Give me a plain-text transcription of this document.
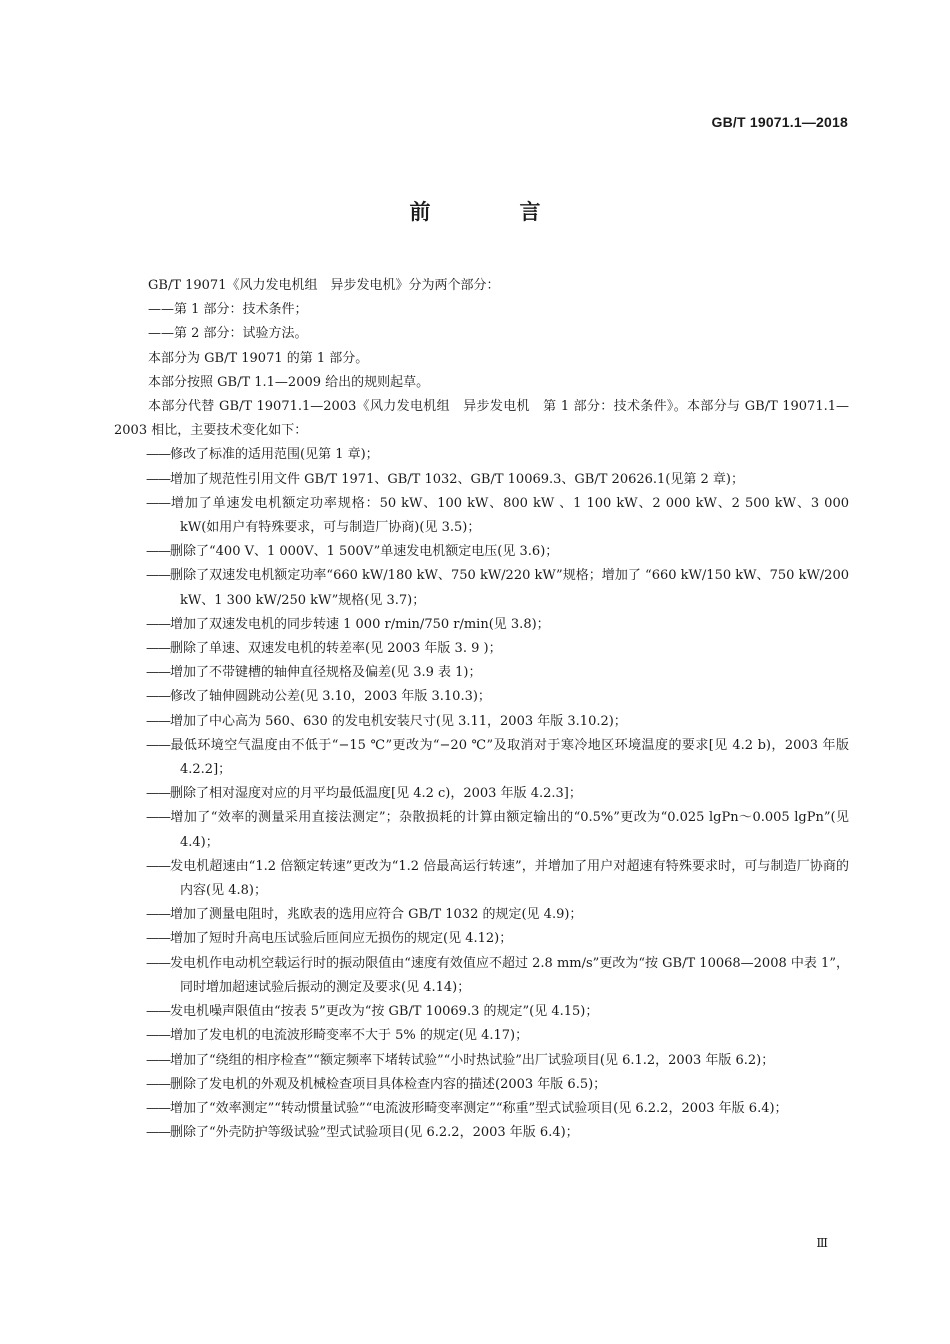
GB/T 19071.1—2018
前　言
GB/T 19071《风力发电机组　异步发电机》分为两个部分：
——第 1 部分：技术条件；
——第 2 部分：试验方法。
本部分为 GB/T 19071 的第 1 部分。
本部分按照 GB/T 1.1—2009 给出的规则起草。
本部分代替 GB/T 19071.1—2003《风力发电机组　异步发电机　第 1 部分：技术条件》。本部分与 GB/T 19071.1—2003 相比，主要技术变化如下：
——修改了标准的适用范围(见第 1 章)；
——增加了规范性引用文件 GB/T 1971、GB/T 1032、GB/T 10069.3、GB/T 20626.1(见第 2 章)；
——增加了单速发电机额定功率规格：50 kW、100 kW、800 kW 、1 100 kW、2 000 kW、2 500 kW、3 000 kW(如用户有特殊要求，可与制造厂协商)(见 3.5)；
——删除了“400 V、1 000V、1 500V”单速发电机额定电压(见 3.6)；
——删除了双速发电机额定功率“660 kW/180 kW、750 kW/220 kW”规格；增加了 “660 kW/150 kW、750 kW/200 kW、1 300 kW/250 kW”规格(见 3.7)；
——增加了双速发电机的同步转速 1 000 r/min/750 r/min(见 3.8)；
——删除了单速、双速发电机的转差率(见 2003 年版 3. 9 )；
——增加了不带键槽的轴伸直径规格及偏差(见 3.9 表 1)；
——修改了轴伸圆跳动公差(见 3.10，2003 年版 3.10.3)；
——增加了中心高为 560、630 的发电机安装尺寸(见 3.11，2003 年版 3.10.2)；
——最低环境空气温度由不低于“−15 ℃”更改为“−20 ℃”及取消对于寒冷地区环境温度的要求[见 4.2 b)，2003 年版 4.2.2]；
——删除了相对湿度对应的月平均最低温度[见 4.2 c)，2003 年版 4.2.3]；
——增加了“效率的测量采用直接法测定”；杂散损耗的计算由额定输出的“0.5%”更改为“0.025 lgPn～0.005 lgPn”(见 4.4)；
——发电机超速由“1.2 倍额定转速”更改为“1.2 倍最高运行转速”，并增加了用户对超速有特殊要求时，可与制造厂协商的内容(见 4.8)；
——增加了测量电阻时，兆欧表的选用应符合 GB/T 1032 的规定(见 4.9)；
——增加了短时升高电压试验后匝间应无损伤的规定(见 4.12)；
——发电机作电动机空载运行时的振动限值由“速度有效值应不超过 2.8 mm/s”更改为“按 GB/T 10068—2008 中表 1”，同时增加超速试验后振动的测定及要求(见 4.14)；
——发电机噪声限值由“按表 5”更改为“按 GB/T 10069.3 的规定”(见 4.15)；
——增加了发电机的电流波形畸变率不大于 5% 的规定(见 4.17)；
——增加了“绕组的相序检查”“额定频率下堵转试验”“小时热试验”出厂试验项目(见 6.1.2，2003 年版 6.2)；
——删除了发电机的外观及机械检查项目具体检查内容的描述(2003 年版 6.5)；
——增加了“效率测定”“转动惯量试验”“电流波形畸变率测定”“称重”型式试验项目(见 6.2.2，2003 年版 6.4)；
——删除了“外壳防护等级试验”型式试验项目(见 6.2.2，2003 年版 6.4)；
Ⅲ
